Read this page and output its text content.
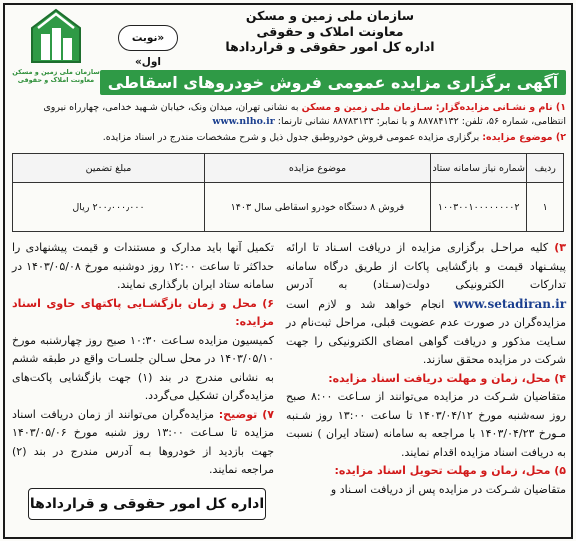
سازمان ملی زمین و مسکن
معاونت املاک و حقوقی
«نوبت اول»
سازمان ملی زمین و مسکن
معاونت املاک و حقوقی
اداره کل امور حقوقی و قراردادها
آگهی برگزاری مزایده عمومی فروش خودروهای اسقاطی
۱) نام و نشـانی مزایده‌گزار: سـازمان ملی زمین و مسکن به نشانی تهران، میدان ونک، خیابان شـهید خدامی، چهارراه نیروی انتظامی، شماره ۵۶، تلفن: ۸۸۷۸۴۱۳۲ و با نمابر: ۸۸۷۸۳۱۳۳ نشانی تارنما: www.nlho.ir
۲) موضوع مزایده: برگزاری مزایده عمومی فروش خودروطبق جدول ذیل و شرح مشخصات مندرج در اسناد مزایده.
ردیف	شماره نیاز سامانه ستاد	موضوع مزایده	مبلغ تضمین
۱	۱۰۰۳۰۰۱۰۰۰۰۰۰۰۰۲	فروش ۸ دستگاه خودرو اسقاطی سال ۱۴۰۳	۲۰۰٫۰۰۰٫۰۰۰ ریال
۳) کلیه مراحـل برگزاری مزایده از دریافت اسـناد تا ارائه پیشـنهاد قیمت و بازگشایی پاکات از طریق درگاه سامانه تدارکات الکترونیکی دولت(سـتاد) به آدرس www.setadiran.ir انجام خواهد شد و لازم است مزایده‌گران در صورت عدم عضویت قبلی، مراحل ثبت‌نام در سـایت مذکور و دریافت گواهی امضای الکترونیکی را جهت شرکت در مزایده محقق سازند.
۴) محل، زمان و مهلت دریافت اسناد مزایده:
متقاضیان شـرکت در مزایده می‌توانند از سـاعت ۸:۰۰ صبح روز سه‌شنبه مورخ ۱۴۰۳/۰۴/۱۲ تا ساعت ۱۳:۰۰ روز شـنبه مـورخ ۱۴۰۳/۰۴/۲۳ با مراجعه به سامانه (ستاد ایران ) نسبت به دریافت اسناد مزایده اقدام نمایند.
۵) محل، زمان و مهلت تحویل اسناد مزایده:
متقاضیان شـرکت در مزایده پس از دریافت اسـناد و
تکمیل آنها باید مدارک و مستندات و قیمت پیشنهادی را حداکثر تا ساعت ۱۲:۰۰ روز دوشنبه مورخ ۱۴۰۳/۰۵/۰۸ در سامانه ستاد ایران بارگذاری نمایند.
۶) محل و زمان بازگشـایی پاکتهای حاوی اسناد مزایده:
کمیسیون مزایده سـاعت ۱۰:۳۰ صبح روز چهارشنبه مورخ ۱۴۰۳/۰۵/۱۰ در محل سـالن جلسـات واقع در طبقه ششم به نشانی مندرج در بند (۱) جهت بازگشایی پاکت‌های مزایده‌گران تشکیل می‌گردد.
۷) توضیح: مزایده‌گران می‌توانند از زمان دریافت اسناد مزایده تا سـاعت ۱۳:۰۰ روز شنبه مورخ ۱۴۰۳/۰۵/۰۶ جهت بازدید از خودروها بـه آدرس مندرج در بند (۲) مراجعه نمایند.
اداره کل امور حقوقی و قراردادها
